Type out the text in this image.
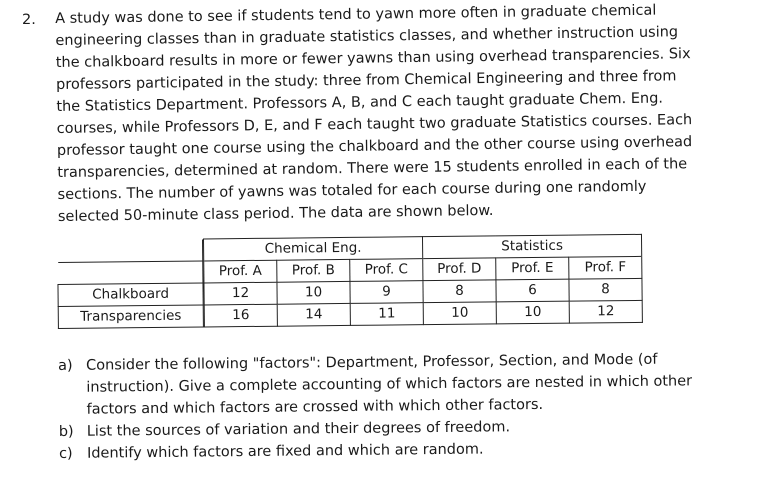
2. A study was done to see if students tend to yawn more often in graduate chemical
engineering classes than in graduate statistics classes, and whether instruction using
the chalkboard results in more or fewer yawns than using overhead transparencies. Six
professors participated in the study: three from Chemical Engineering and three from
the Statistics Department. Professors A, B, and C each taught graduate Chem. Eng.
courses, while Professors D, E, and F each taught two graduate Statistics courses. Each
professor taught one course using the chalkboard and the other course using overhead
transparencies, determined at random. There were 15 students enrolled in each of the
sections. The number of yawns was totaled for each course during one randomly
selected 50-minute class period. The data are shown below.
		Chemical Eng.			Statistics		
		Prof. A	Prof. B	Prof. C	Prof. D	Prof. E	Prof. F
Chalkboard		12	10	9	8	6	8
Transparencies		16	14	11	10	10	12
a) Consider the following "factors": Department, Professor, Section, and Mode (of
instruction). Give a complete accounting of which factors are nested in which other
factors and which factors are crossed with which other factors.
b) List the sources of variation and their degrees of freedom.
c) Identify which factors are fixed and which are random.
